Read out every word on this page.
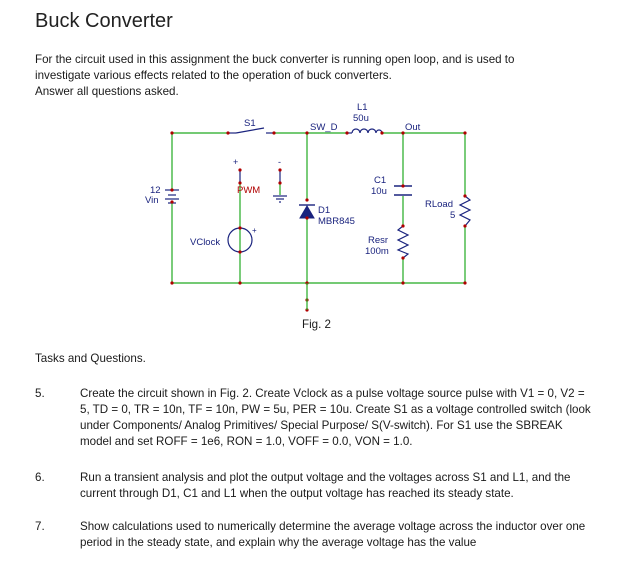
Buck Converter

For the circuit used in this assignment the buck converter is running open loop, and is used to

investigate various effects related to the operation of buck converters.

Answer all questions asked.

+	-
+
S1	SW_D
L1
50u
Out
12
Vin
PWM
C1
10u
RLoad
5
D1
MBR845
VClock	Resr
100m
Fig. 2
Tasks and Questions.
5.	Create the circuit shown in Fig. 2. Create Vclock as a pulse voltage source pulse with V1 = 0, V2 = 5, TD = 0, TR = 10n, TF = 10n, PW = 5u, PER = 10u. Create S1 as a voltage controlled switch (look under Components/ Analog Primitives/ Special Purpose/ S(V-switch). For S1 use the SBREAK model and set ROFF = 1e6, RON = 1.0, VOFF = 0.0, VON = 1.0.
6.	Run a transient analysis and plot the output voltage and the voltages across S1 and L1, and the current through D1, C1 and L1 when the output voltage has reached its steady state.
7.	Show calculations used to numerically determine the average voltage across the inductor over one period in the steady state, and explain why the average voltage has the value
